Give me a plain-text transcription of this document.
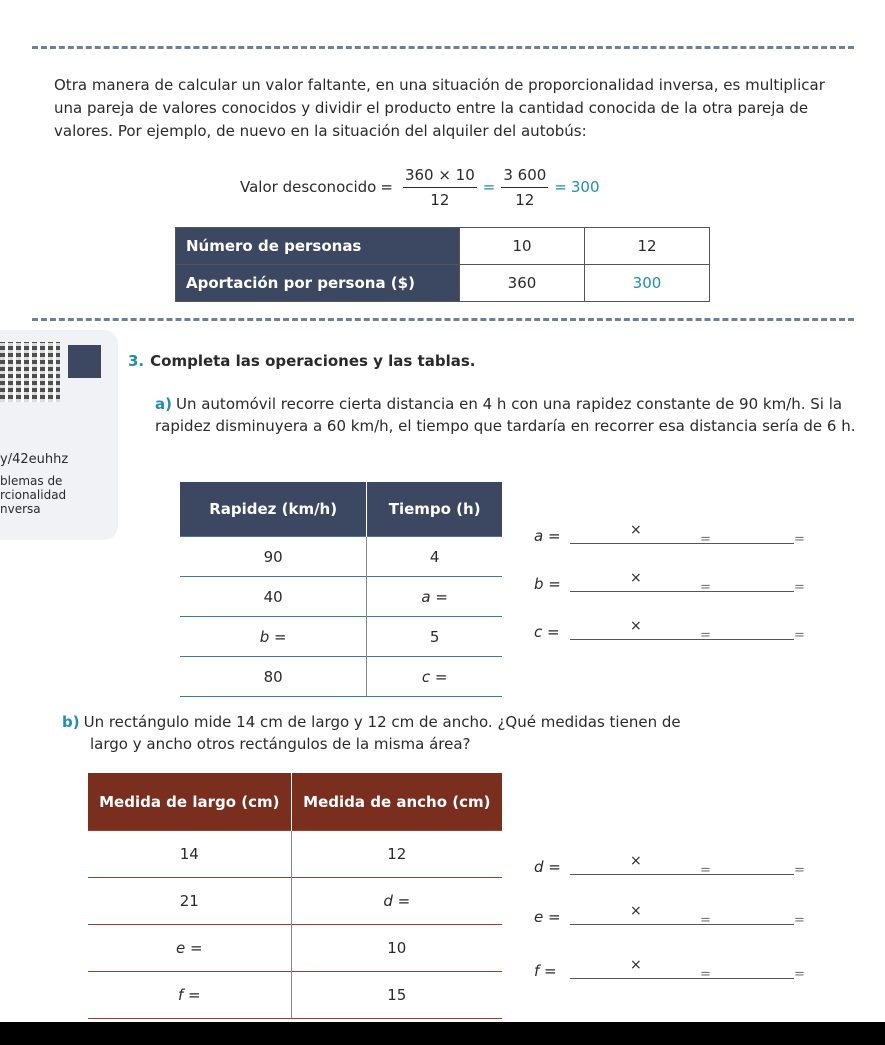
Otra manera de calcular un valor faltante, en una situación de proporcionalidad inversa, es multiplicar una pareja de valores conocidos y dividir el producto entre la cantidad conocida de la otra pareja de valores. Por ejemplo, de nuevo en la situación del alquiler del autobús:

Valor desconocido = $\frac{360 \times 10}{12} = \frac{3 600}{12} = 300$
Número de personas	10	12
Aportación por persona ($)	360	300
y/42euhhz
blemas de
rcionalidad
nversa
3. Completa las operaciones y las tablas.
a) Un automóvil recorre cierta distancia en 4 h con una rapidez constante de 90 km/h. Si la rapidez disminuyera a 60 km/h, el tiempo que tardaría en recorrer esa distancia sería de 6 h.
Rapidez (km/h)	Tiempo (h)
90	4
40	a =
b =	5
80	c =
a =	×
=	=
b =	×
=	=
c =	×
=	=
b) Un rectángulo mide 14 cm de largo y 12 cm de ancho. ¿Qué medidas tienen de
largo y ancho otros rectángulos de la misma área?
Medida de largo (cm)	Medida de ancho (cm)
14	12
21	d =
e =	10
f =	15
d =	×
=	=
e =	×
=	=
f =	×
=	=
